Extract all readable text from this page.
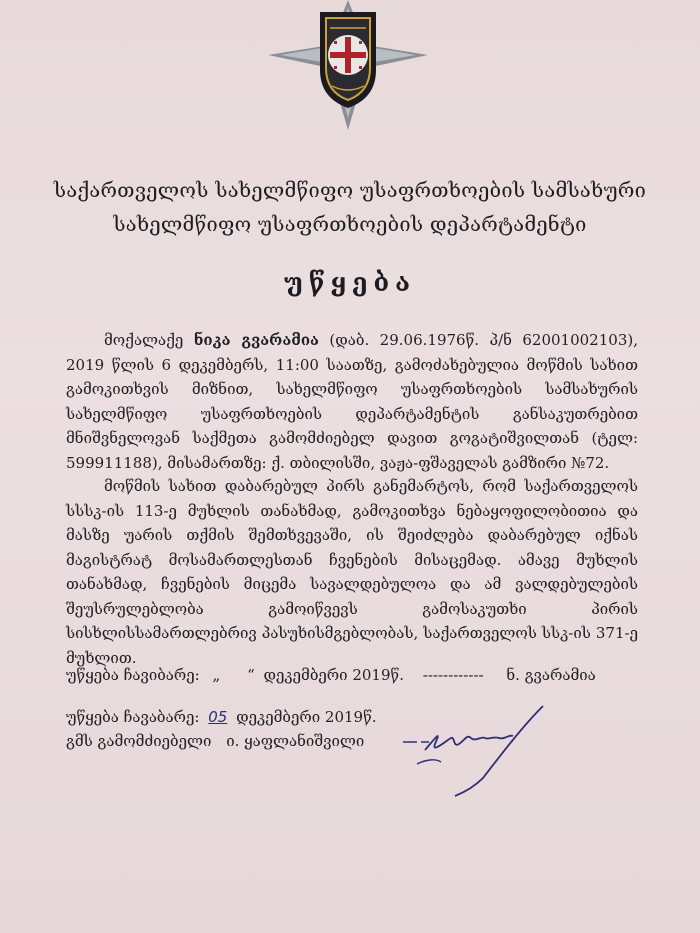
საქართველოს სახელმწიფო უსაფრთხოების სამსახური
სახელმწიფო უსაფრთხოების დეპარტამენტი
უწყება
მოქალაქე ნიკა გვარამია (დაბ. 29.06.1976წ. პ/ნ 62001002103), 2019 წლის 6 დეკემბერს, 11:00 საათზე, გამოძახებულია მოწმის სახით გამოკითხვის მიზნით, სახელმწიფო უსაფრთხოების სამსახურის სახელმწიფო უსაფრთხოების დეპარტამენტის განსაკუთრებით მნიშვნელოვან საქმეთა გამომძიებელ დავით გოგატიშვილთან (ტელ: 599911188), მისამართზე: ქ. თბილისში, ვაჟა-ფშაველას გამზირი №72.
მოწმის სახით დაბარებულ პირს განემარტოს, რომ საქართველოს სსსკ-ის 113-ე მუხლის თანახმად, გამოკითხვა ნებაყოფილობითია და მასზე უარის თქმის შემთხვევაში, ის შეიძლება დაბარებულ იქნას მაგისტრატ მოსამართლესთან ჩვენების მისაცემად. ამავე მუხლის თანახმად, ჩვენების მიცემა სავალდებულოა და ამ ვალდებულების შეუსრულებლობა გამოიწვევს გამოსაკუთხი პირის სისხლისსამართლებრივ პასუხისმგებლობას, საქართველოს სსკ-ის 371-ე მუხლით.
უწყება ჩავიბარე: „ “ დეკემბერი 2019წ. ------------ ნ. გვარამია
უწყება ჩავაბარე: 05 დეკემბერი 2019წ.
გმს გამომძიებელი ი. ყაფლანიშვილი
